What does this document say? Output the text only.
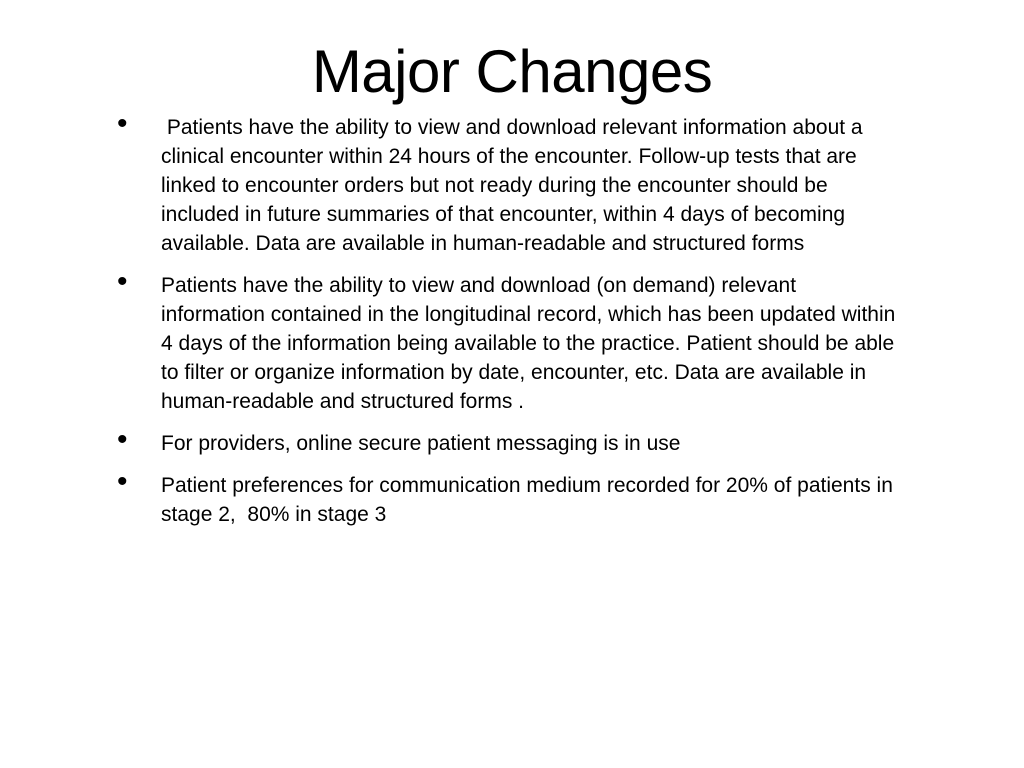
Major Changes
• Patients have the ability to view and download relevant information about a clinical encounter within 24 hours of the encounter. Follow-up tests that are linked to encounter orders but not ready during the encounter should be included in future summaries of that encounter, within 4 days of becoming available. Data are available in human-readable and structured forms
• Patients have the ability to view and download (on demand) relevant information contained in the longitudinal record, which has been updated within 4 days of the information being available to the practice. Patient should be able to filter or organize information by date, encounter, etc. Data are available in human-readable and structured forms .
• For providers, online secure patient messaging is in use
• Patient preferences for communication medium recorded for 20% of patients in stage 2,  80% in stage 3
